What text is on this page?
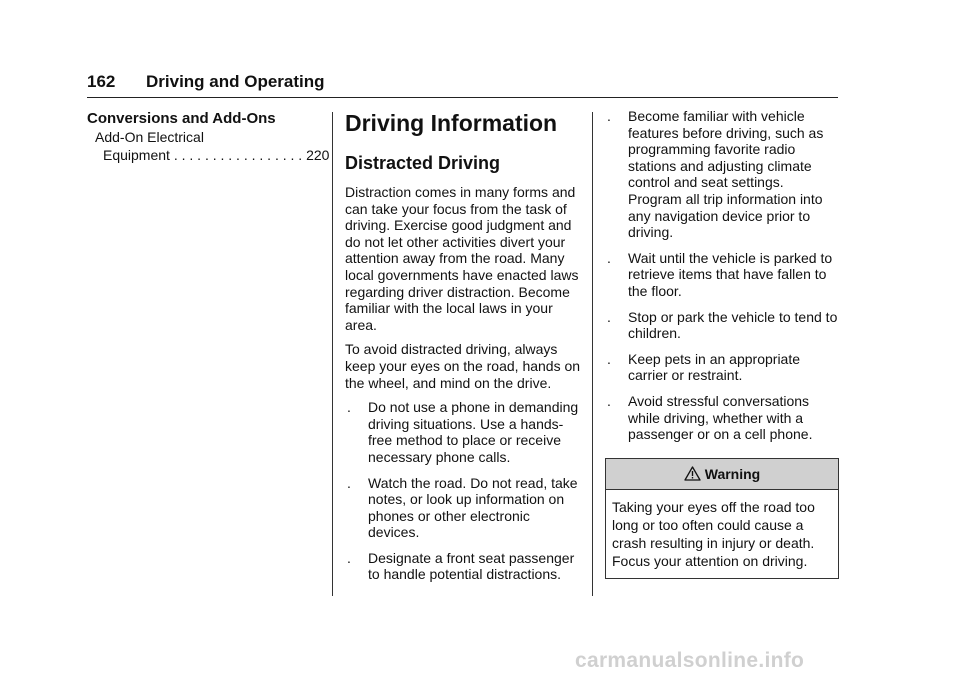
162 Driving and Operating
Conversions and Add-Ons
Add-On Electrical
Equipment . . . . . . . . . . . . . . . . . 220
Driving Information
Distracted Driving

Distraction comes in many forms and can take your focus from the task of driving. Exercise good judgment and do not let other activities divert your attention away from the road. Many local governments have enacted laws regarding driver distraction. Become familiar with the local laws in your area.

To avoid distracted driving, always keep your eyes on the road, hands on the wheel, and mind on the drive.

. Do not use a phone in demanding driving situations. Use a hands-free method to place or receive necessary phone calls.
. Watch the road. Do not read, take notes, or look up information on phones or other electronic devices.
. Designate a front seat passenger to handle potential distractions.
. Become familiar with vehicle features before driving, such as programming favorite radio stations and adjusting climate control and seat settings. Program all trip information into any navigation device prior to driving.
. Wait until the vehicle is parked to retrieve items that have fallen to the floor.
. Stop or park the vehicle to tend to children.
. Keep pets in an appropriate carrier or restraint.
. Avoid stressful conversations while driving, whether with a passenger or on a cell phone.
Warning
Taking your eyes off the road too long or too often could cause a crash resulting in injury or death. Focus your attention on driving.
carmanualsonline.info
